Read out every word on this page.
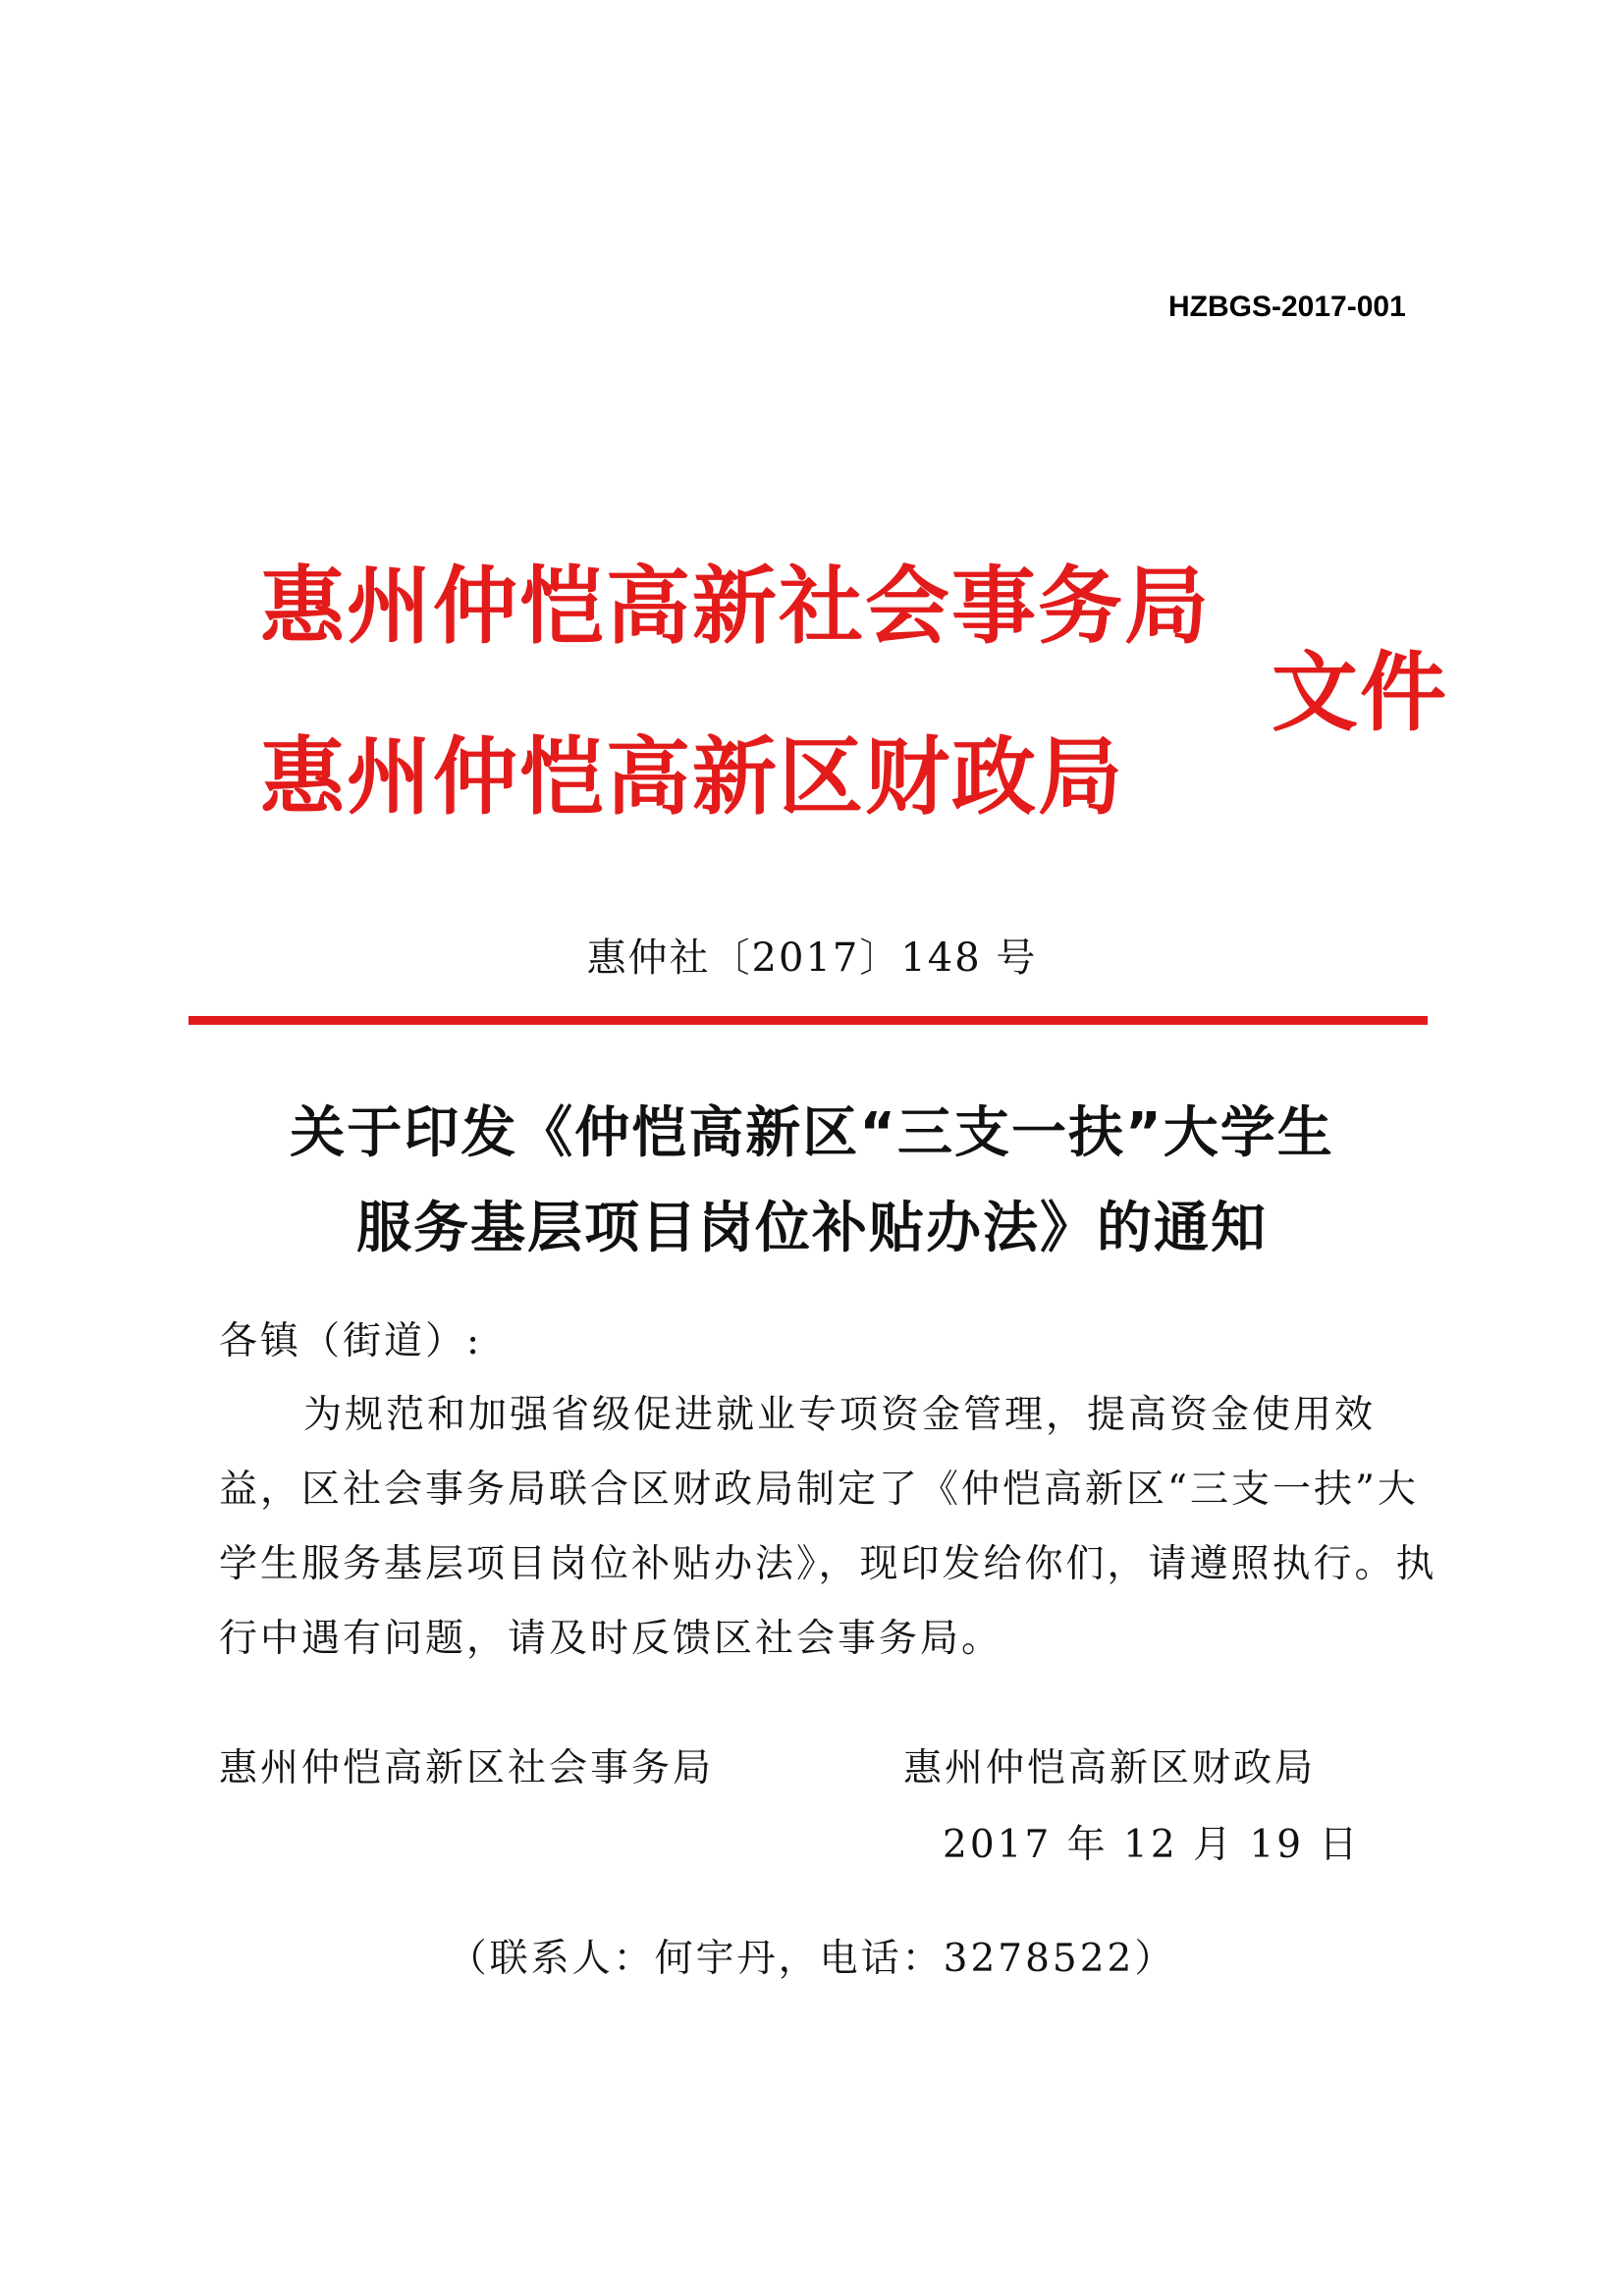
HZBGS-2017-001
惠州仲恺高新社会事务局
惠州仲恺高新区财政局
文件
惠仲社〔2017〕148 号
关于印发《仲恺高新区“三支一扶”大学生
服务基层项目岗位补贴办法》的通知
各镇（街道）:
为规范和加强省级促进就业专项资金管理，提高资金使用效益，区社会事务局联合区财政局制定了《仲恺高新区“三支一扶”大学生服务基层项目岗位补贴办法》，现印发给你们，请遵照执行。执行中遇有问题，请及时反馈区社会事务局。
惠州仲恺高新区社会事务局	惠州仲恺高新区财政局
2017 年 12 月 19 日
（联系人：何宇丹，电话：3278522）
